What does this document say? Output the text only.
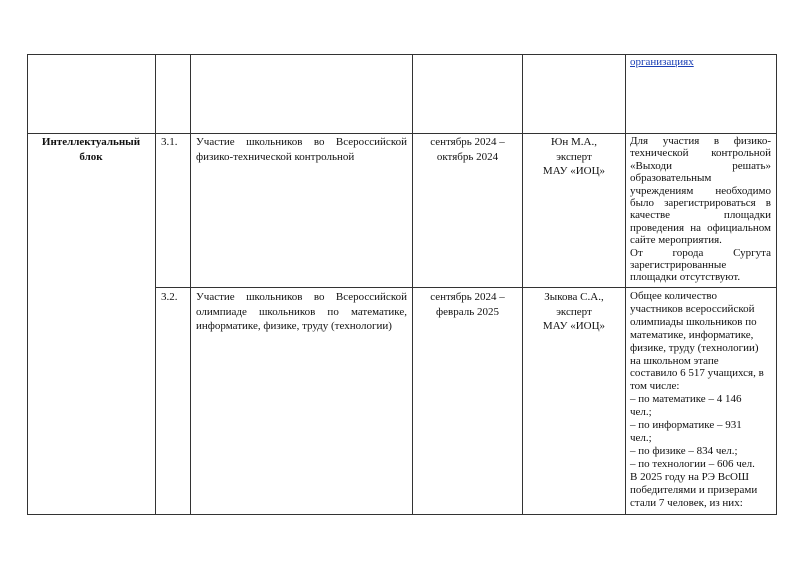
организациях
Интеллектуальный блок
3.1. Участие школьников во Всероссийской физико-технической контрольной
сентябрь 2024 –
октябрь 2024
Юн М.А.,
эксперт
МАУ «ИОЦ»
Для участия в физико-
технической контрольной
«Выходи решать»
образовательным
учреждениям необходимо
было зарегистрироваться в
качестве площадки
проведения на официальном
сайте мероприятия.
От города Сургута
зарегистрированные
площадки отсутствуют.
3.2. Участие школьников во Всероссийской олимпиаде школьников по математике, информатике, физике, труду (технологии)
сентябрь 2024 –
февраль 2025
Зыкова С.А.,
эксперт
МАУ «ИОЦ»
Общее количество
участников всероссийской
олимпиады школьников по
математике, информатике,
физике, труду (технологии)
на школьном этапе
составило 6 517 учащихся, в
том числе:
– по математике – 4 146
чел.;
– по информатике – 931
чел.;
– по физике – 834 чел.;
– по технологии – 606 чел.
В 2025 году на РЭ ВсОШ
победителями и призерами
стали 7 человек, из них:
